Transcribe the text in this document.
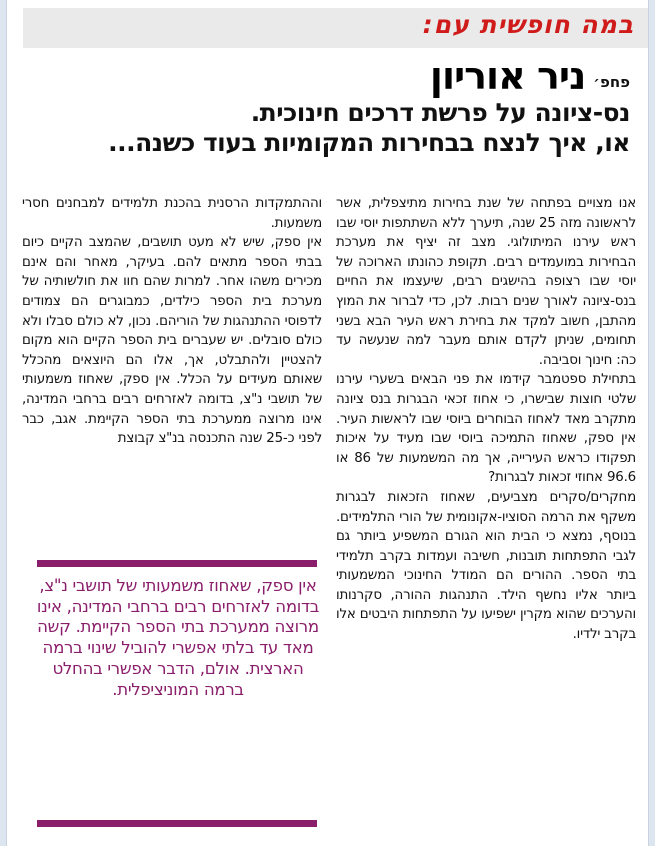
במה חופשית עם:
פחפ׳
ניר אוריון
נס-ציונה על פרשת דרכים חינוכית.
או, איך לנצח בבחירות המקומיות בעוד כשנה...

אנו מצויים בפתחה של שנת בחירות מתיצפלית, אשר לראשונה מזה 25 שנה, תיערך ללא השתתפות יוסי שבו ראש עירנו המיתולוגי. מצב זה יציף את מערכת הבחירות במועמדים רבים. תקופת כהונתו הארוכה של יוסי שבו רצופה בהישגים רבים, שיעצמו את החיים בנס-ציונה לאורך שנים רבות. לכן, כדי לברור את המוץ מהתבן, חשוב למקד את בחירת ראש העיר הבא בשני תחומים, שניתן לקדם אותם מעבר למה שנעשה עד כה: חינוך וסביבה.

בתחילת ספטמבר קידמו את פני הבאים בשערי עירנו שלטי חוצות שבישרו, כי אחוז זכאי הבגרות בנס ציונה מתקרב מאד לאחוז הבוחרים ביוסי שבו לראשות העיר. אין ספק, שאחוז התמיכה ביוסי שבו מעיד על איכות תפקודו כראש העירייה, אך מה המשמעות של 86 או 96.6 אחוזי זכאות לבגרות?

מחקרים/סקרים מצביעים, שאחוז הזכאות לבגרות משקף את הרמה הסוציו-אקונומית של הורי התלמידים. בנוסף, נמצא כי הבית הוא הגורם המשפיע ביותר גם לגבי התפתחות תובנות, חשיבה ועמדות בקרב תלמידי בתי הספר. ההורים הם המודל החינוכי המשמעותי ביותר אליו נחשף הילד. התנהגות ההורה, סקרנותו והערכים שהוא מקרין ישפיעו על התפתחות היבטים אלו בקרב ילדיו.

וההתמקדות הרסנית בהכנת תלמידים למבחנים חסרי משמעות.

אין ספק, שיש לא מעט תושבים, שהמצב הקיים כיום בבתי הספר מתאים להם. בעיקר, מאחר והם אינם מכירים משהו אחר. למרות שהם חוו את חולשותיה של מערכת בית הספר כילדים, כמבוגרים הם צמודים לדפוסי ההתנהגות של הוריהם. נכון, לא כולם סבלו ולא כולם סובלים. יש שעברים בית הספר הקיים הוא מקום להצטיין ולהתבלט, אך, אלו הם היוצאים מהכלל שאותם מעידים על הכלל. אין ספק, שאחוז משמעותי של תושבי נ"צ, בדומה לאזרחים רבים ברחבי המדינה, אינו מרוצה ממערכת בתי הספר הקיימת. אגב, כבר לפני כ-25 שנה התכנסה בנ"צ קבוצת

אין ספק, שאחוז משמעותי של תושבי נ"צ, בדומה לאזרחים רבים ברחבי המדינה, אינו מרוצה ממערכת בתי הספר הקיימת. קשה מאד עד בלתי אפשרי להוביל שינוי ברמה הארצית. אולם, הדבר אפשרי בהחלט ברמה המוניציפלית.
